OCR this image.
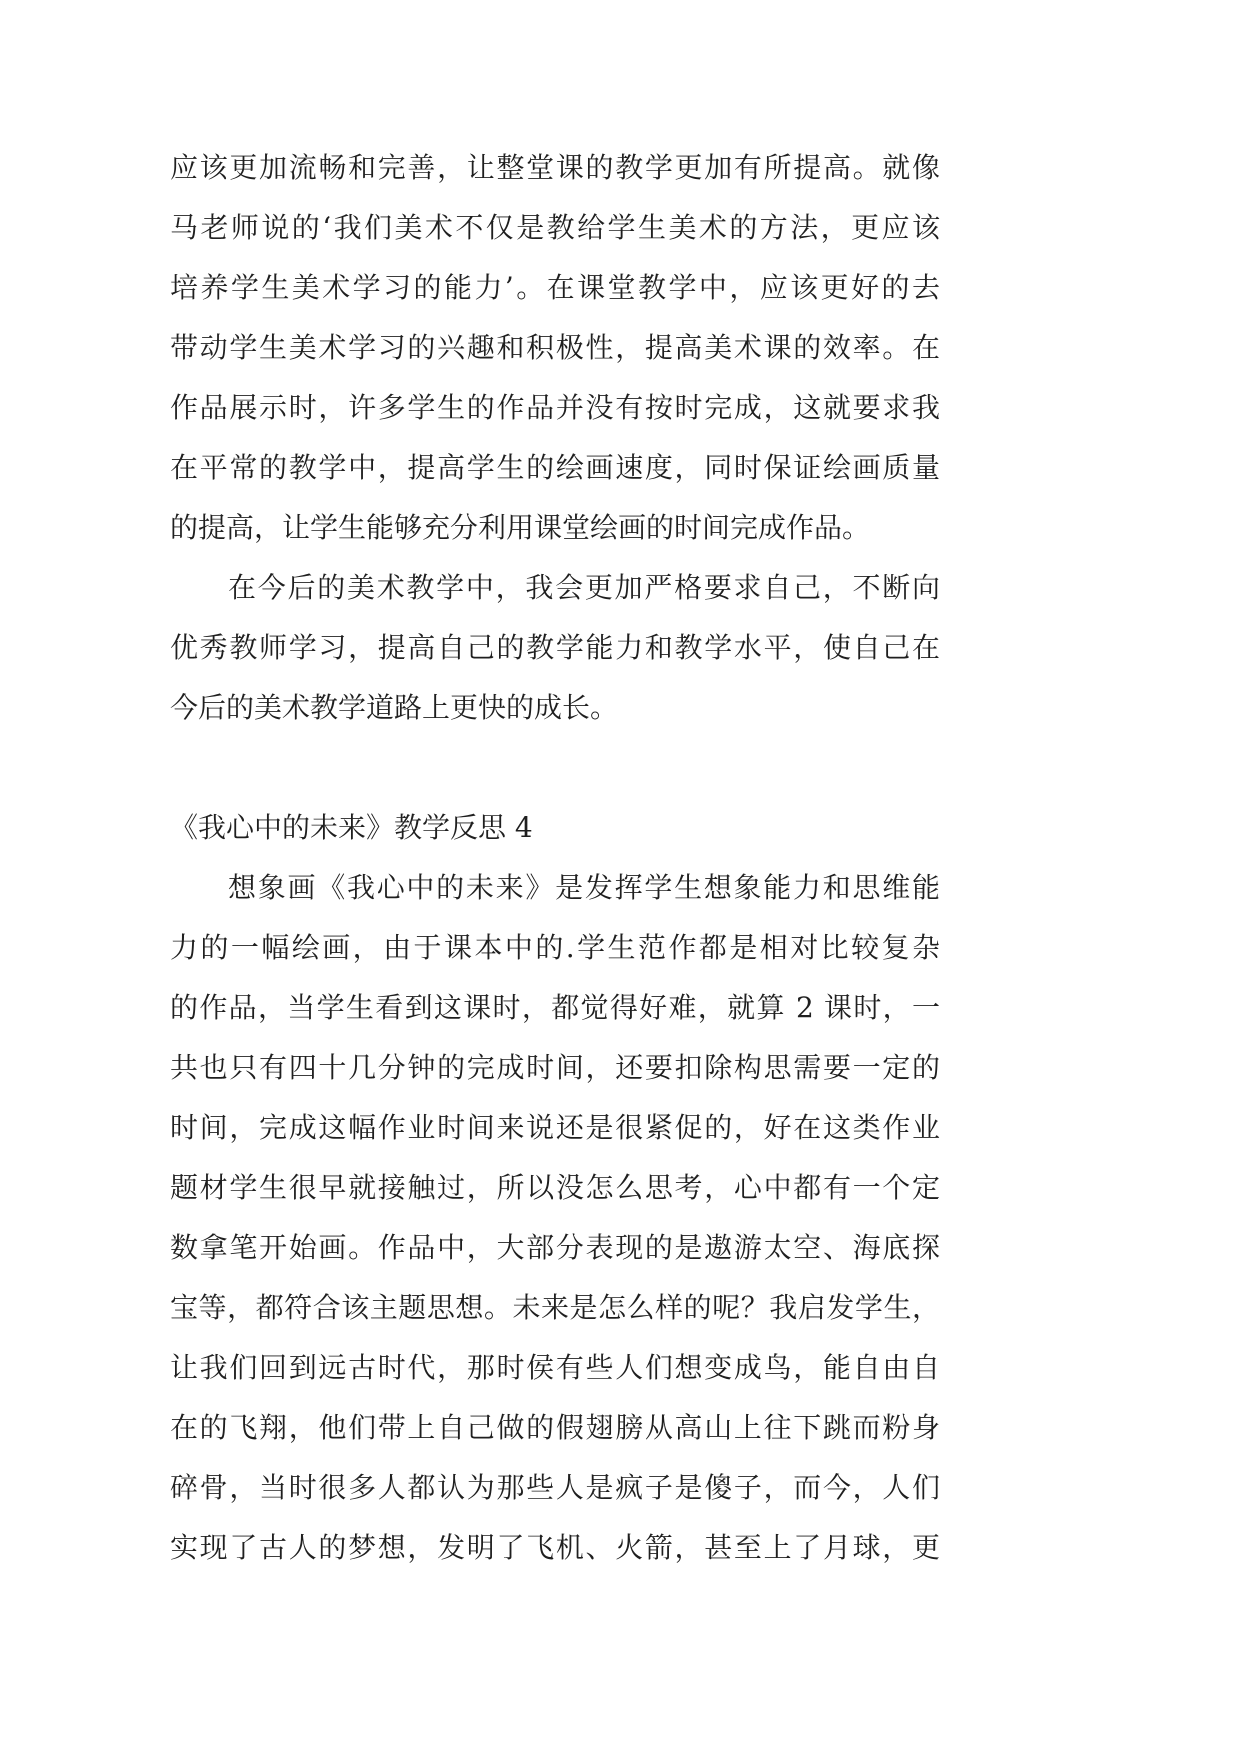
应该更加流畅和完善，让整堂课的教学更加有所提高。就像
马老师说的‘我们美术不仅是教给学生美术的方法，更应该
培养学生美术学习的能力’。在课堂教学中，应该更好的去
带动学生美术学习的兴趣和积极性，提高美术课的效率。在
作品展示时，许多学生的作品并没有按时完成，这就要求我
在平常的教学中，提高学生的绘画速度，同时保证绘画质量
的提高，让学生能够充分利用课堂绘画的时间完成作品。
在今后的美术教学中，我会更加严格要求自己，不断向
优秀教师学习，提高自己的教学能力和教学水平，使自己在
今后的美术教学道路上更快的成长。
《我心中的未来》教学反思 4
想象画《我心中的未来》是发挥学生想象能力和思维能
力的一幅绘画，由于课本中的.学生范作都是相对比较复杂
的作品，当学生看到这课时，都觉得好难，就算 2 课时，一
共也只有四十几分钟的完成时间，还要扣除构思需要一定的
时间，完成这幅作业时间来说还是很紧促的，好在这类作业
题材学生很早就接触过，所以没怎么思考，心中都有一个定
数拿笔开始画。作品中，大部分表现的是遨游太空、海底探
宝等，都符合该主题思想。未来是怎么样的呢？我启发学生，
让我们回到远古时代，那时侯有些人们想变成鸟，能自由自
在的飞翔，他们带上自己做的假翅膀从高山上往下跳而粉身
碎骨，当时很多人都认为那些人是疯子是傻子，而今，人们
实现了古人的梦想，发明了飞机、火箭，甚至上了月球，更
